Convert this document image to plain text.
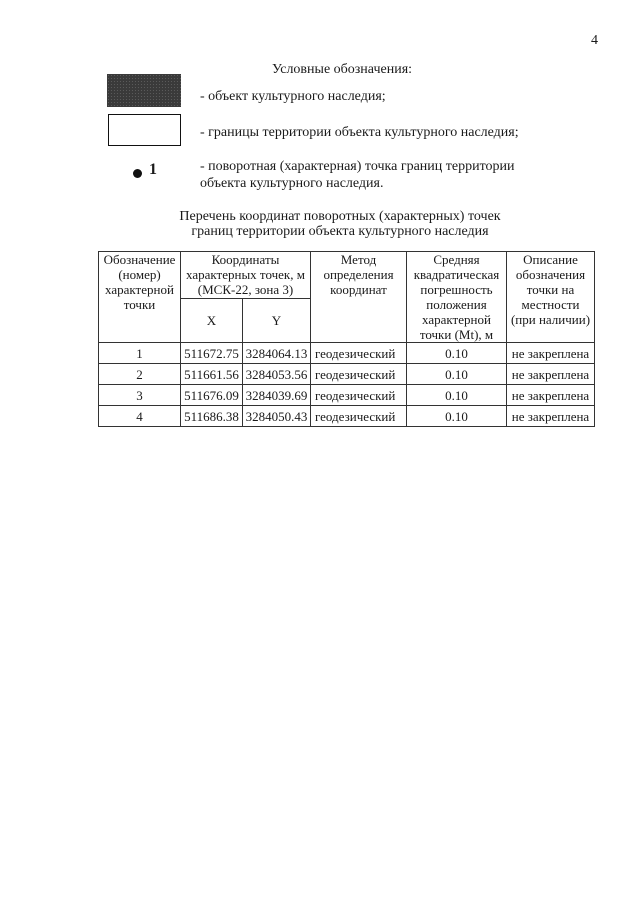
4
Условные обозначения:
- объект культурного наследия;
- границы территории объекта культурного наследия;
1	- поворотная (характерная) точка границ территории объекта культурного наследия.
Перечень координат поворотных (характерных) точек
границ территории объекта культурного наследия
Обозначение (номер) характерной точки	Координаты характерных точек, м (МСК-22, зона 3)		Метод определения координат	Средняя квадратическая погрешность положения характерной точки (Mt), м	Описание обозначения точки на местности (при наличии)
	X	Y			
1	511672.75	3284064.13	геодезический	0.10	не закреплена
2	511661.56	3284053.56	геодезический	0.10	не закреплена
3	511676.09	3284039.69	геодезический	0.10	не закреплена
4	511686.38	3284050.43	геодезический	0.10	не закреплена
